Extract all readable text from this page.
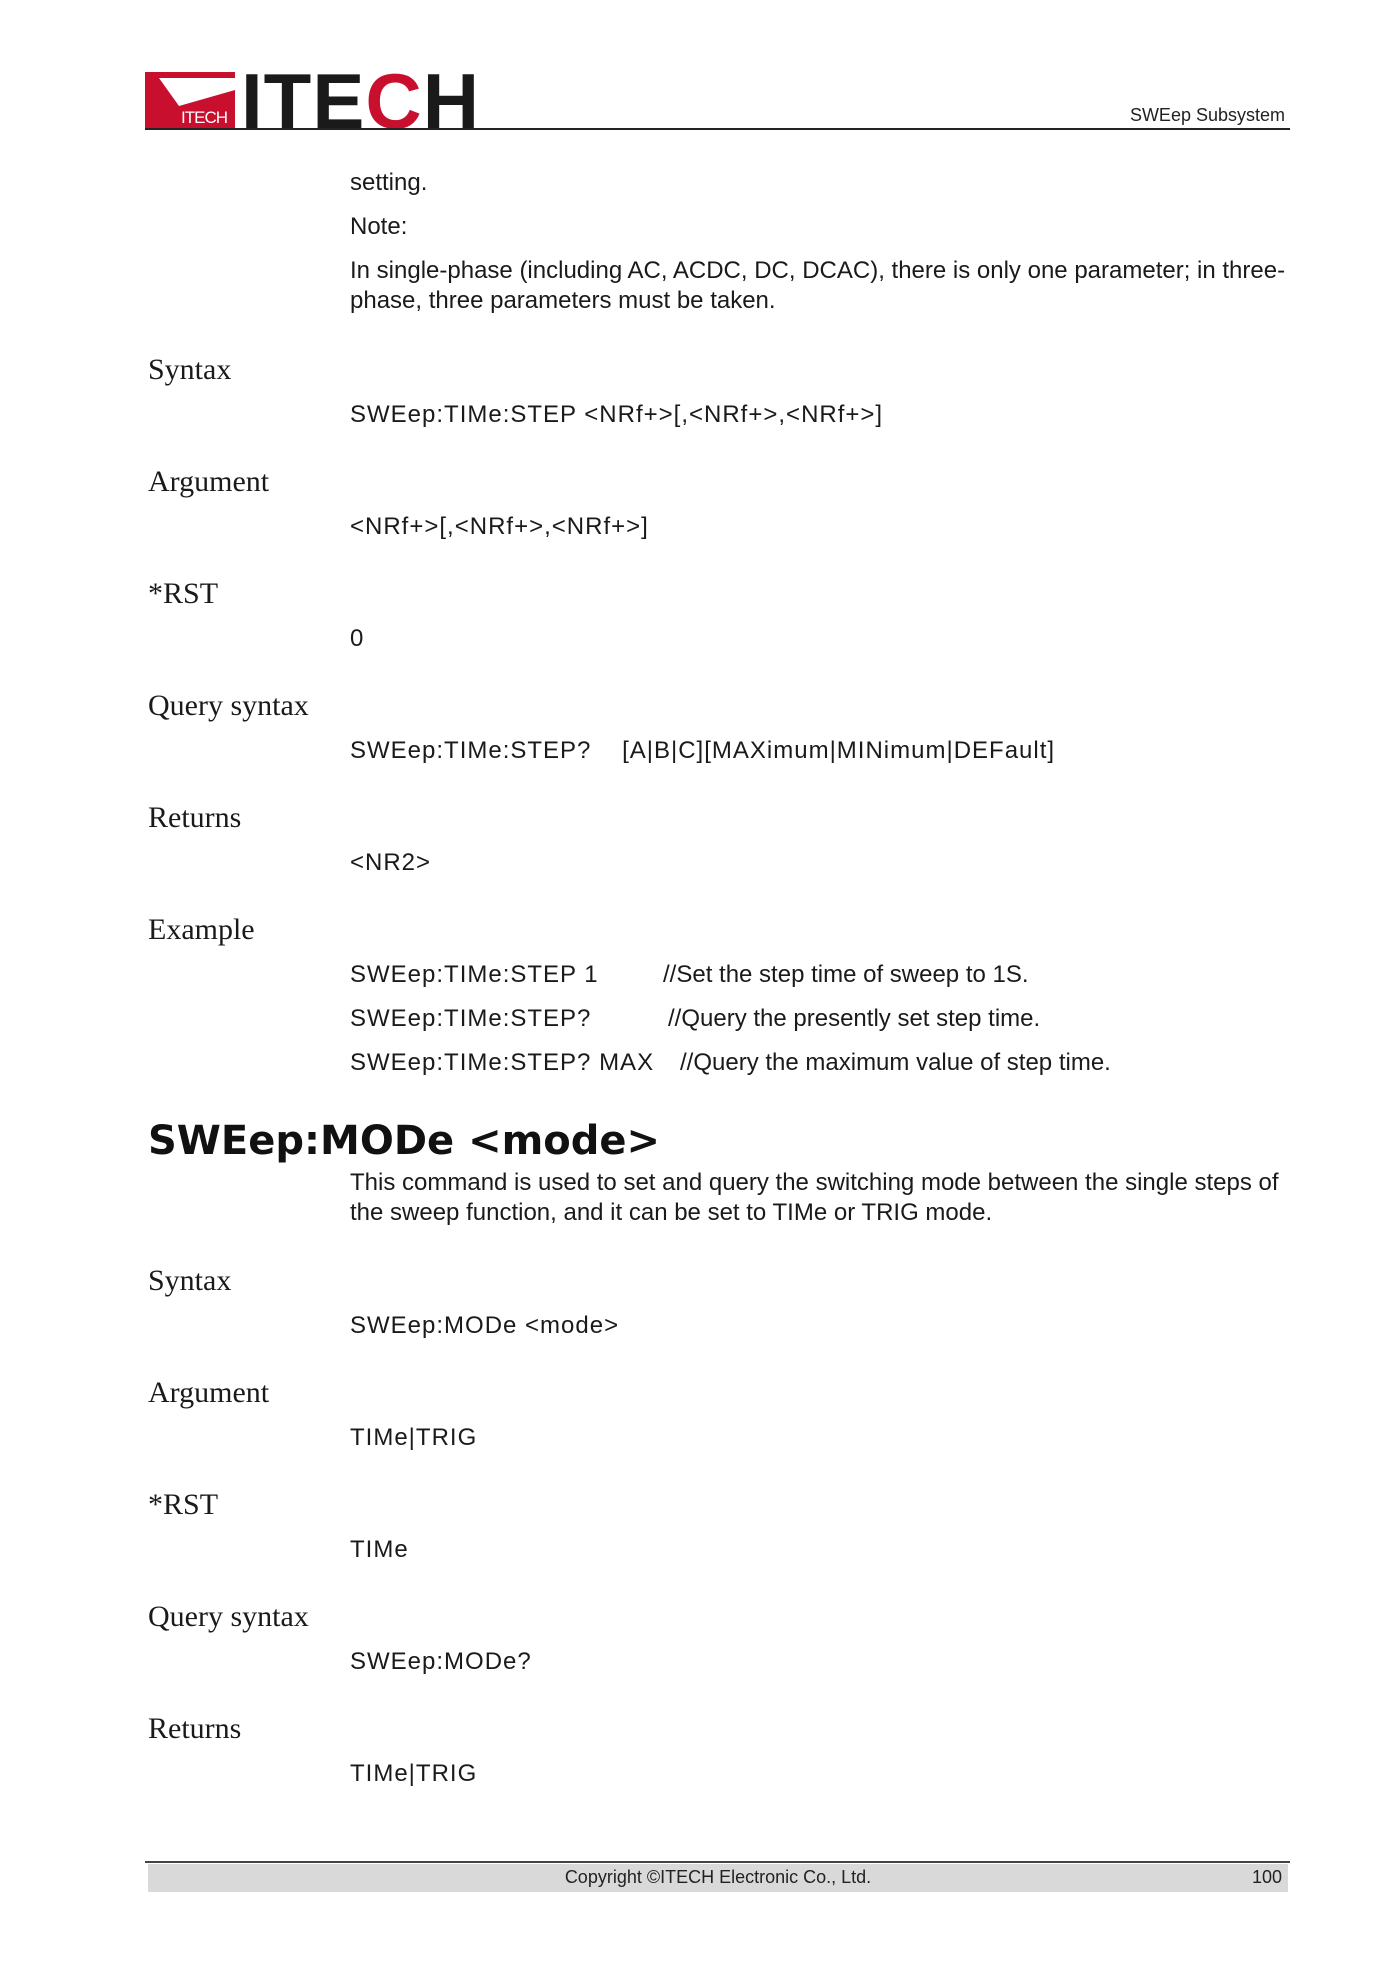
ITECH ITECH	SWEep Subsystem
setting.
Note:
In single-phase (including AC, ACDC, DC, DCAC), there is only one parameter; in three-phase, three parameters must be taken.
Syntax
SWEep:TIMe:STEP <NRf+>[,<NRf+>,<NRf+>]
Argument
<NRf+>[,<NRf+>,<NRf+>]
*RST
0
Query syntax
SWEep:TIMe:STEP?    [A|B|C][MAXimum|MINimum|DEFault]
Returns
<NR2>
Example
SWEep:TIMe:STEP 1	//Set the step time of sweep to 1S.
SWEep:TIMe:STEP?	//Query the presently set step time.
SWEep:TIMe:STEP? MAX //Query the maximum value of step time.
SWEep:MODe <mode>
This command is used to set and query the switching mode between the single steps of the sweep function, and it can be set to TIMe or TRIG mode.
Syntax
SWEep:MODe <mode>
Argument
TIMe|TRIG
*RST
TIMe
Query syntax
SWEep:MODe?
Returns
TIMe|TRIG
Copyright ©ITECH Electronic Co., Ltd.	100
